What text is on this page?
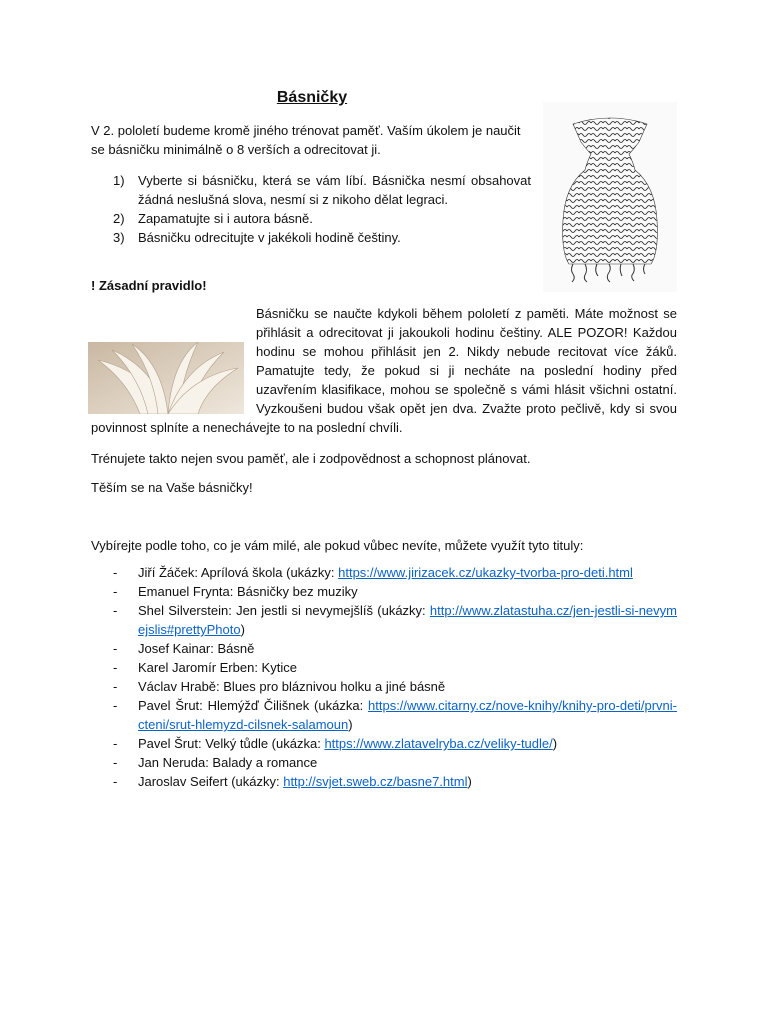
Básničky
V 2. pololetí budeme kromě jiného trénovat paměť. Vaším úkolem je naučit se básničku minimálně o 8 verších a odrecitovat ji.
1) Vyberte si básničku, která se vám líbí. Básnička nesmí obsahovat žádná neslušná slova, nesmí si z nikoho dělat legraci.
2) Zapamatujte si i autora básně.
3) Básničku odrecitujte v jakékoli hodině češtiny.
! Zásadní pravidlo!
Básničku se naučte kdykoli během pololetí z paměti. Máte možnost se přihlásit a odrecitovat ji jakoukoli hodinu češtiny. ALE POZOR! Každou hodinu se mohou přihlásit jen 2. Nikdy nebude recitovat více žáků. Pamatujte tedy, že pokud si ji necháte na poslední hodiny před uzavřením klasifikace, mohou se společně s vámi hlásit všichni ostatní. Vyzkoušeni budou však opět jen dva. Zvažte proto pečlivě, kdy si svou povinnost splníte a nenechávejte to na poslední chvíli.
Trénujete takto nejen svou paměť, ale i zodpovědnost a schopnost plánovat.
Těším se na Vaše básničky!
Vybírejte podle toho, co je vám milé, ale pokud vůbec nevíte, můžete využít tyto tituly:
- Jiří Žáček: Aprílová škola (ukázky: https://www.jirizacek.cz/ukazky-tvorba-pro-deti.html
- Emanuel Frynta: Básničky bez muziky
- Shel Silverstein: Jen jestli si nevymejšlíš (ukázky: http://www.zlatastuha.cz/jen-jestli-si-nevymejslis#prettyPhoto)
- Josef Kainar: Básně
- Karel Jaromír Erben: Kytice
- Václav Hrabě: Blues pro bláznivou holku a jiné básně
- Pavel Šrut: Hlemýžď Čilišnek (ukázka: https://www.citarny.cz/nove-knihy/knihy-pro-deti/prvni-cteni/srut-hlemyzd-cilsnek-salamoun)
- Pavel Šrut: Velký tůdle (ukázka: https://www.zlatavelryba.cz/veliky-tudle/)
- Jan Neruda: Balady a romance
- Jaroslav Seifert (ukázky: http://svjet.sweb.cz/basne7.html)
